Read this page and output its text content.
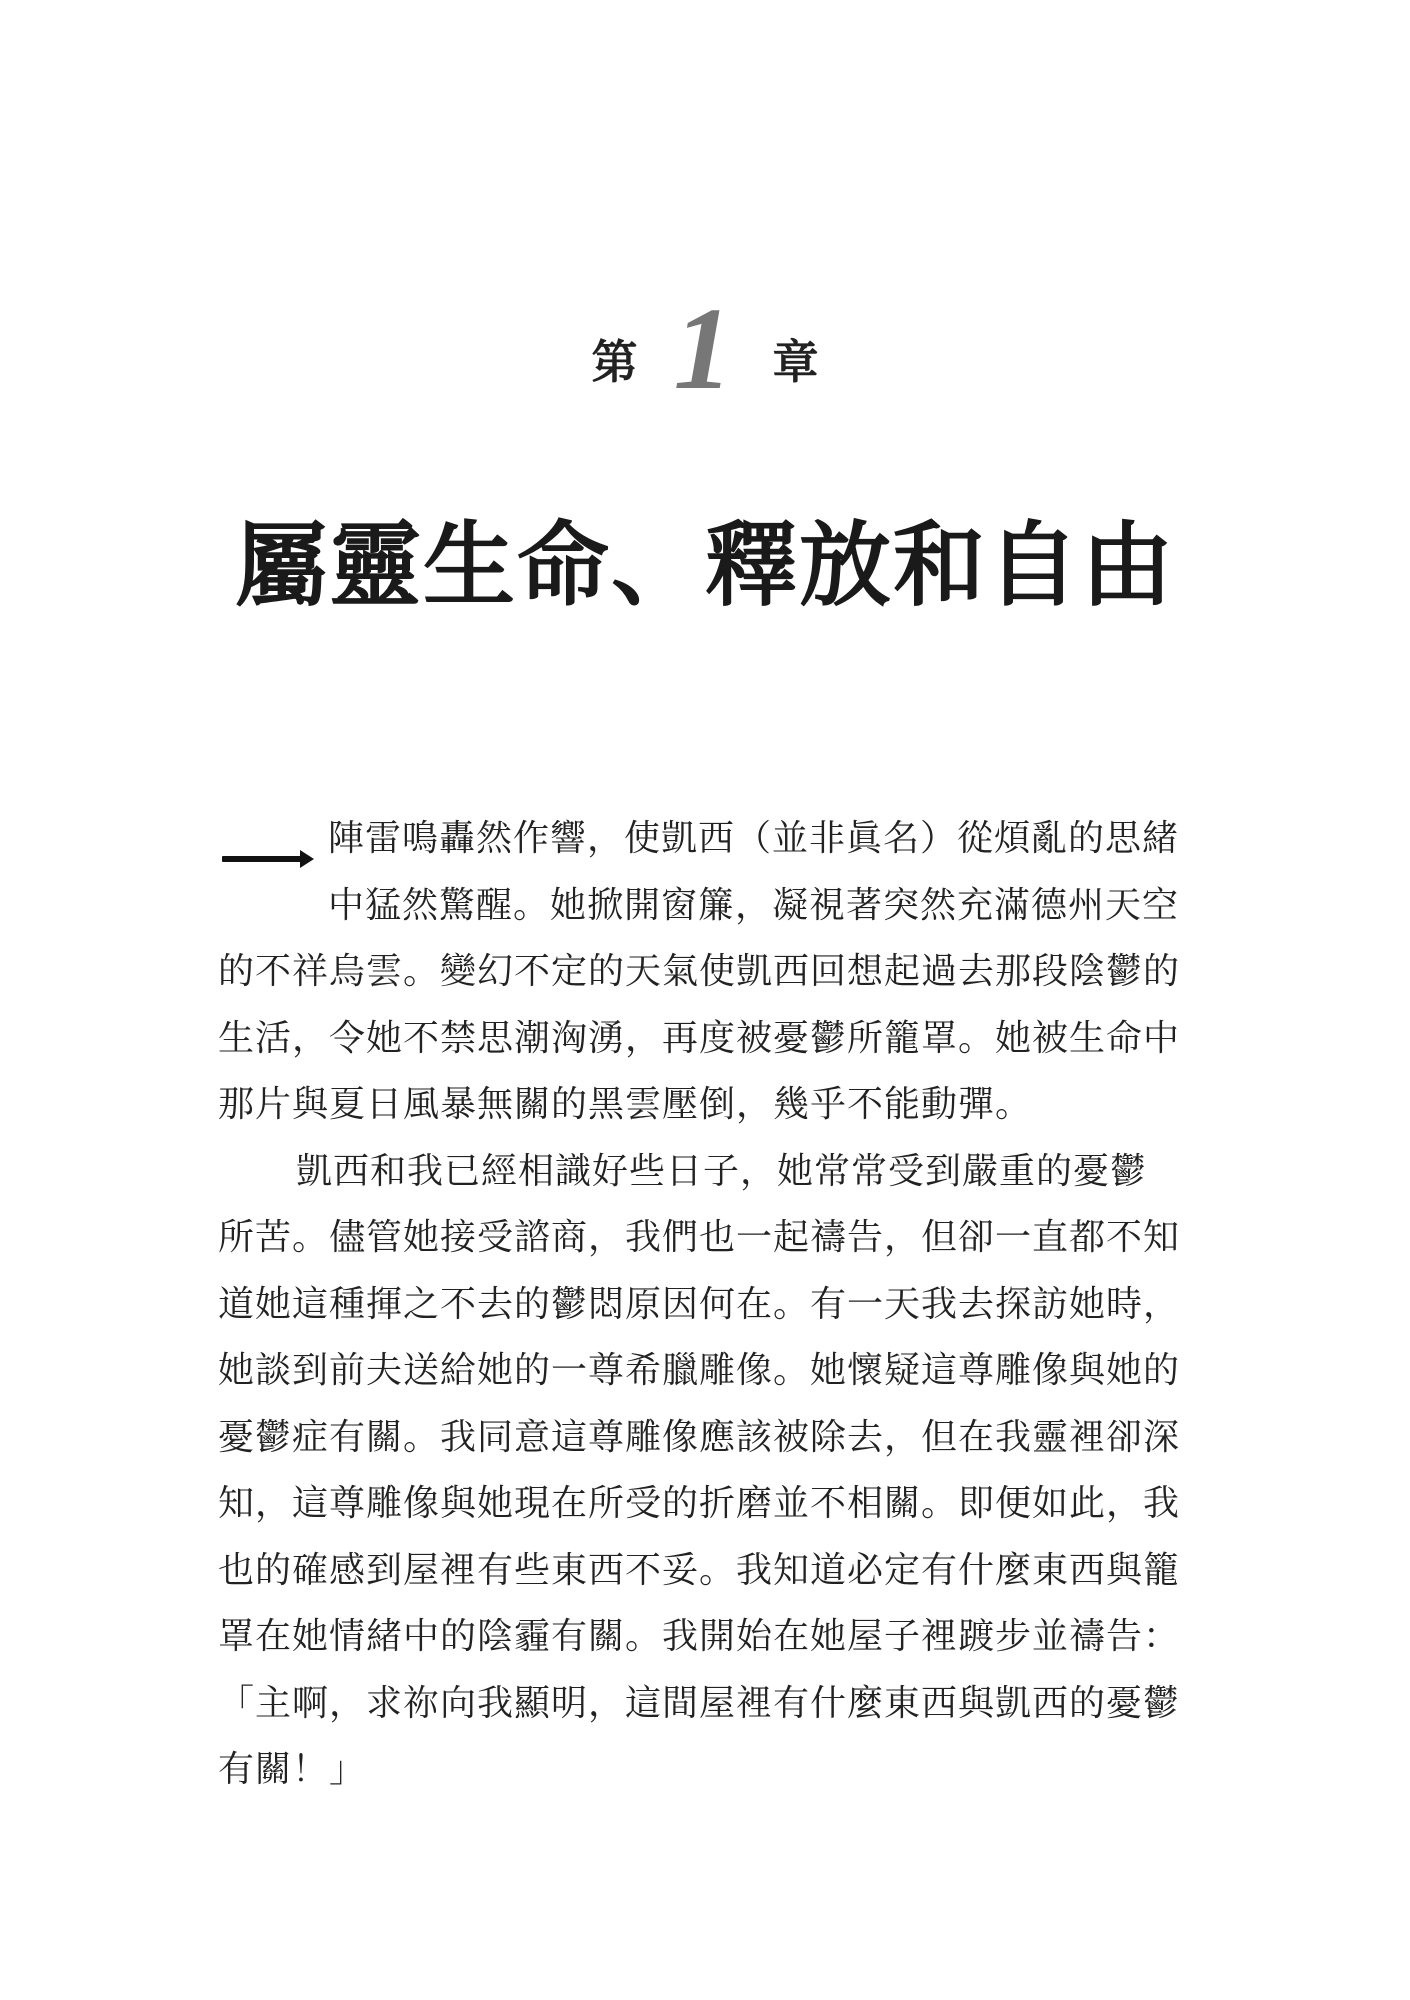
第 1 章
屬靈生命、釋放和自由
陣雷鳴轟然作響，使凱西（並非眞名）從煩亂的思緒
中猛然驚醒。她掀開窗簾，凝視著突然充滿德州天空
的不祥烏雲。變幻不定的天氣使凱西回想起過去那段陰鬱的
生活，令她不禁思潮洶湧，再度被憂鬱所籠罩。她被生命中
那片與夏日風暴無關的黑雲壓倒，幾乎不能動彈。
凱西和我已經相識好些日子，她常常受到嚴重的憂鬱
所苦。儘管她接受諮商，我們也一起禱告，但卻一直都不知
道她這種揮之不去的鬱悶原因何在。有一天我去探訪她時，
她談到前夫送給她的一尊希臘雕像。她懷疑這尊雕像與她的
憂鬱症有關。我同意這尊雕像應該被除去，但在我靈裡卻深
知，這尊雕像與她現在所受的折磨並不相關。即便如此，我
也的確感到屋裡有些東西不妥。我知道必定有什麼東西與籠
罩在她情緒中的陰霾有關。我開始在她屋子裡踱步並禱告：
「主啊，求祢向我顯明，這間屋裡有什麼東西與凱西的憂鬱
有關！」
